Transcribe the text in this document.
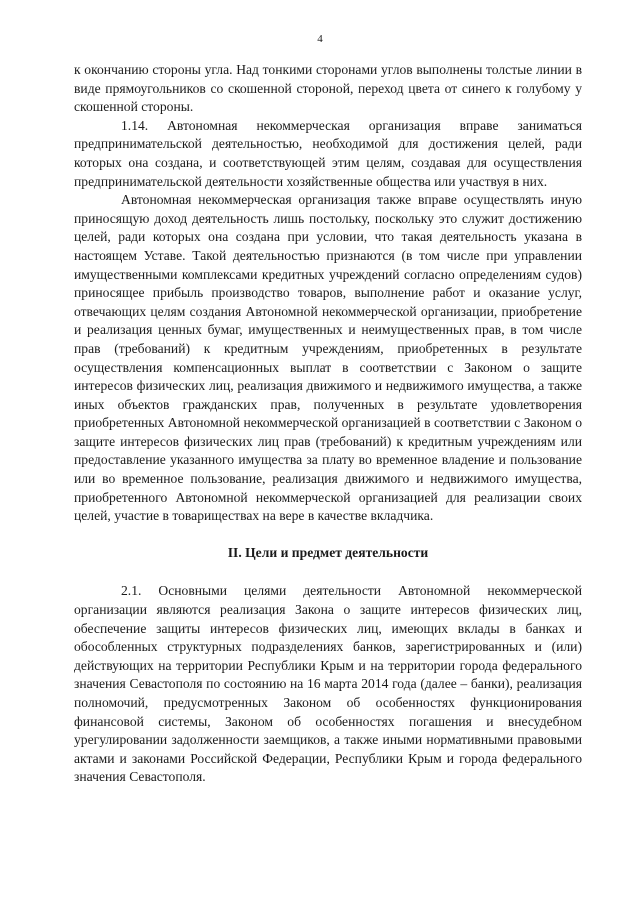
4

к окончанию стороны угла. Над тонкими сторонами углов выполнены толстые линии в виде прямоугольников со скошенной стороной, переход цвета от синего к голубому у скошенной стороны.

1.14. Автономная некоммерческая организация вправе заниматься предпринимательской деятельностью, необходимой для достижения целей, ради которых она создана, и соответствующей этим целям, создавая для осуществления предпринимательской деятельности хозяйственные общества или участвуя в них.

Автономная некоммерческая организация также вправе осуществлять иную приносящую доход деятельность лишь постольку, поскольку это служит достижению целей, ради которых она создана при условии, что такая деятельность указана в настоящем Уставе. Такой деятельностью признаются (в том числе при управлении имущественными комплексами кредитных учреждений согласно определениям судов) приносящее прибыль производство товаров, выполнение работ и оказание услуг, отвечающих целям создания Автономной некоммерческой организации, приобретение и реализация ценных бумаг, имущественных и неимущественных прав, в том числе прав (требований) к кредитным учреждениям, приобретенных в результате осуществления компенсационных выплат в соответствии с Законом о защите интересов физических лиц, реализация движимого и недвижимого имущества, а также иных объектов гражданских прав, полученных в результате удовлетворения приобретенных Автономной некоммерческой организацией в соответствии с Законом о защите интересов физических лиц прав (требований) к кредитным учреждениям или предоставление указанного имущества за плату во временное владение и пользование или во временное пользование, реализация движимого и недвижимого имущества, приобретенного Автономной некоммерческой организацией для реализации своих целей, участие в товариществах на вере в качестве вкладчика.

II. Цели и предмет деятельности

2.1. Основными целями деятельности Автономной некоммерческой организации являются реализация Закона о защите интересов физических лиц, обеспечение защиты интересов физических лиц, имеющих вклады в банках и обособленных структурных подразделениях банков, зарегистрированных и (или) действующих на территории Республики Крым и на территории города федерального значения Севастополя по состоянию на 16 марта 2014 года (далее – банки), реализация полномочий, предусмотренных Законом об особенностях функционирования финансовой системы, Законом об особенностях погашения и внесудебном урегулировании задолженности заемщиков, а также иными нормативными правовыми актами и законами Российской Федерации, Республики Крым и города федерального значения Севастополя.
